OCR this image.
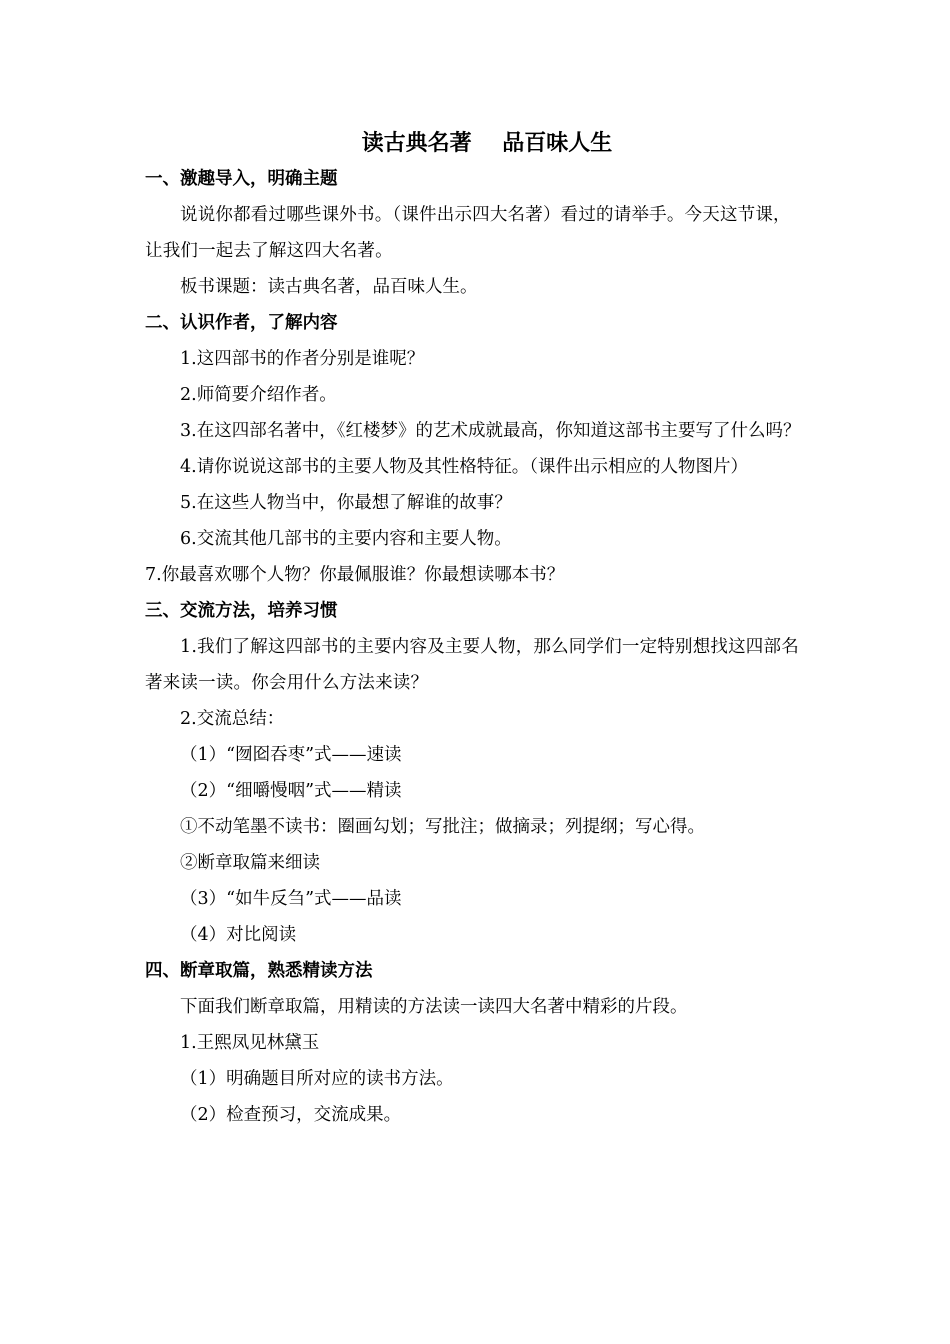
读古典名著    品百味人生
一、激趣导入，明确主题
说说你都看过哪些课外书。（课件出示四大名著）看过的请举手。今天这节课，让我们一起去了解这四大名著。
板书课题：读古典名著，品百味人生。
二、认识作者，了解内容
1.这四部书的作者分别是谁呢？
2.师简要介绍作者。
3.在这四部名著中，《红楼梦》的艺术成就最高，你知道这部书主要写了什么吗？
4.请你说说这部书的主要人物及其性格特征。（课件出示相应的人物图片）
5.在这些人物当中，你最想了解谁的故事？
6.交流其他几部书的主要内容和主要人物。
7.你最喜欢哪个人物？你最佩服谁？你最想读哪本书？
三、交流方法，培养习惯
1.我们了解这四部书的主要内容及主要人物，那么同学们一定特别想找这四部名著来读一读。你会用什么方法来读？
2.交流总结：
（1）“囫囵吞枣”式——速读
（2）“细嚼慢咽”式——精读
①不动笔墨不读书：圈画勾划；写批注；做摘录；列提纲；写心得。
②断章取篇来细读
（3）“如牛反刍”式——品读
（4）对比阅读
四、断章取篇，熟悉精读方法
下面我们断章取篇，用精读的方法读一读四大名著中精彩的片段。
1.王熙凤见林黛玉
（1）明确题目所对应的读书方法。
（2）检查预习，交流成果。
